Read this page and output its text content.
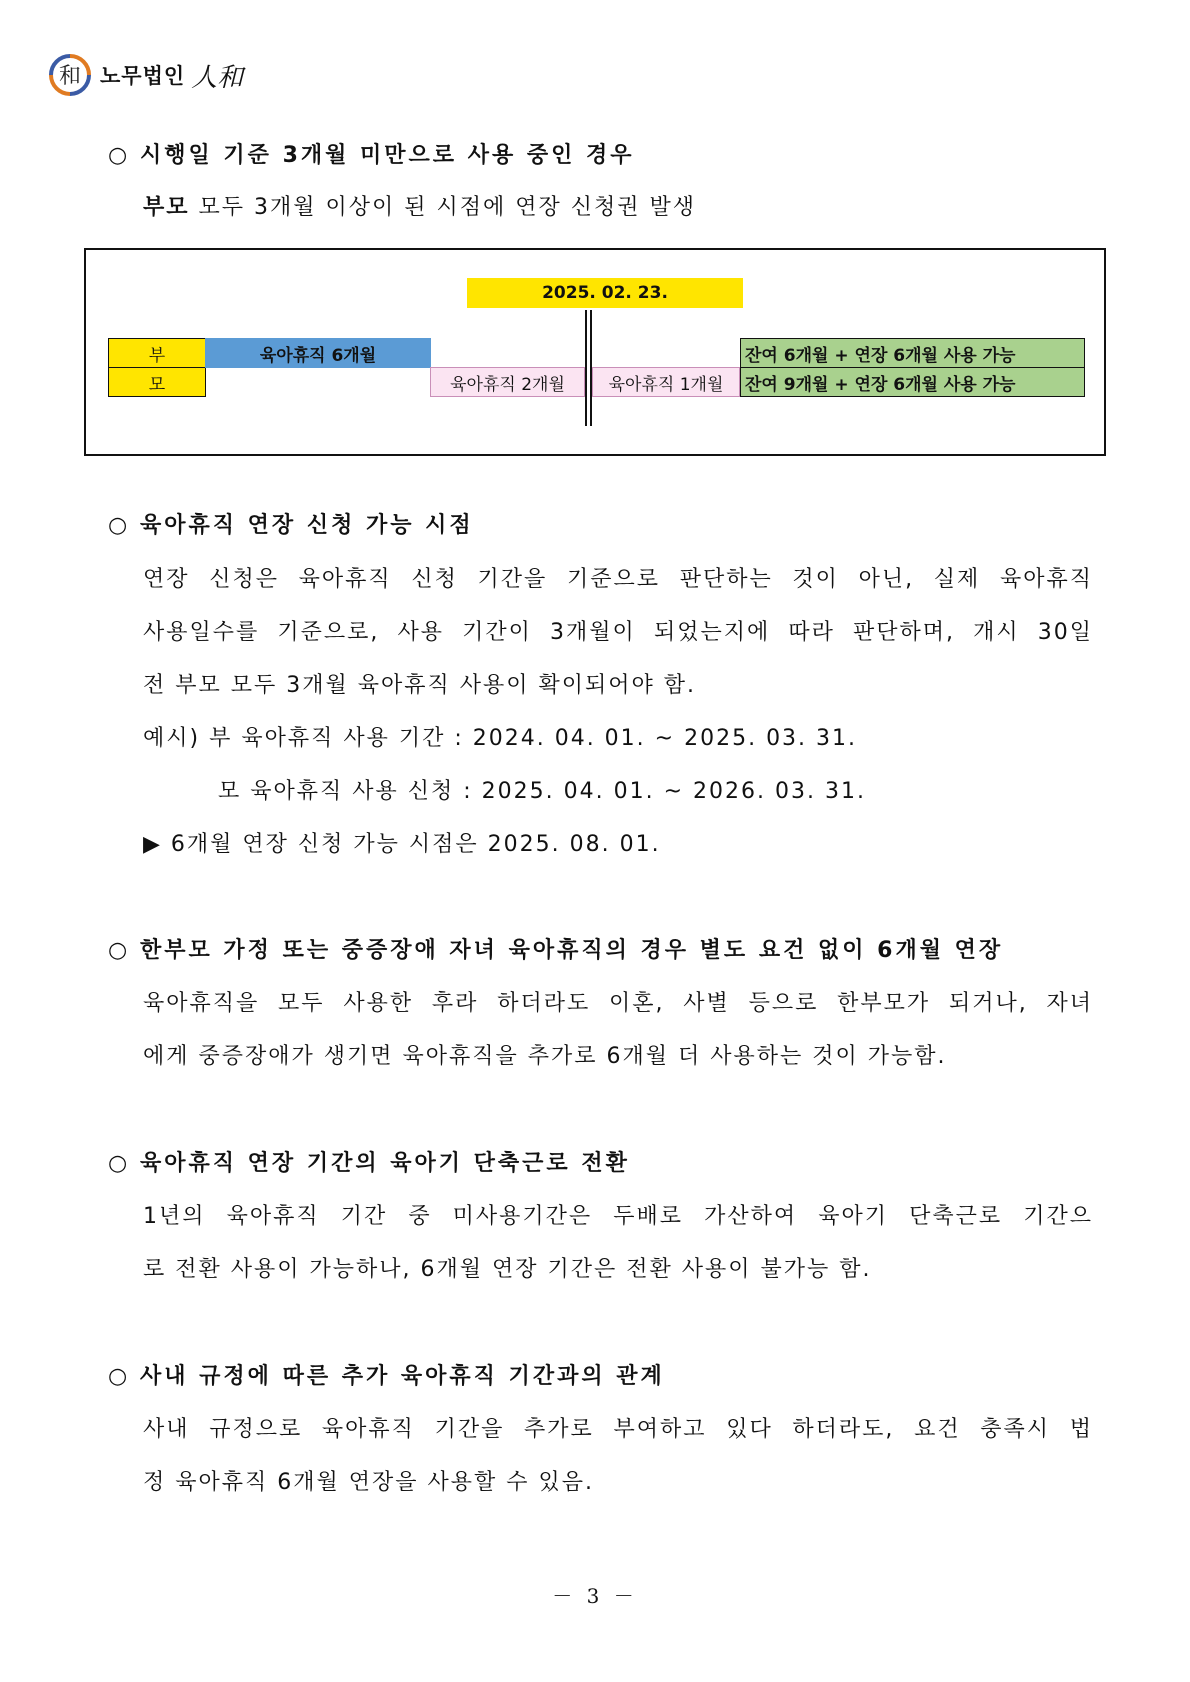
和 노무법인 人和
○ 시행일 기준 3개월 미만으로 사용 중인 경우
부모 모두 3개월 이상이 된 시점에 연장 신청권 발생
2025. 02. 23.
부
모
육아휴직 6개월
육아휴직 2개월	육아휴직 1개월
잔여 6개월 + 연장 6개월 사용 가능
잔여 9개월 + 연장 6개월 사용 가능
○ 육아휴직 연장 신청 가능 시점
연장 신청은 육아휴직 신청 기간을 기준으로 판단하는 것이 아닌, 실제 육아휴직
사용일수를 기준으로, 사용 기간이 3개월이 되었는지에 따라 판단하며, 개시 30일
전 부모 모두 3개월 육아휴직 사용이 확이되어야 함.
예시) 부 육아휴직 사용 기간 : 2024. 04. 01. ~ 2025. 03. 31.
모 육아휴직 사용 신청 : 2025. 04. 01. ~ 2026. 03. 31.
▶ 6개월 연장 신청 가능 시점은 2025. 08. 01.
○ 한부모 가정 또는 중증장애 자녀 육아휴직의 경우 별도 요건 없이 6개월 연장
육아휴직을 모두 사용한 후라 하더라도 이혼, 사별 등으로 한부모가 되거나, 자녀
에게 중증장애가 생기면 육아휴직을 추가로 6개월 더 사용하는 것이 가능함.
○ 육아휴직 연장 기간의 육아기 단축근로 전환
1년의 육아휴직 기간 중 미사용기간은 두배로 가산하여 육아기 단축근로 기간으
로 전환 사용이 가능하나, 6개월 연장 기간은 전환 사용이 불가능 함.
○ 사내 규정에 따른 추가 육아휴직 기간과의 관계
사내 규정으로 육아휴직 기간을 추가로 부여하고 있다 하더라도, 요건 충족시 법
정 육아휴직 6개월 연장을 사용할 수 있음.
－ 3 －
